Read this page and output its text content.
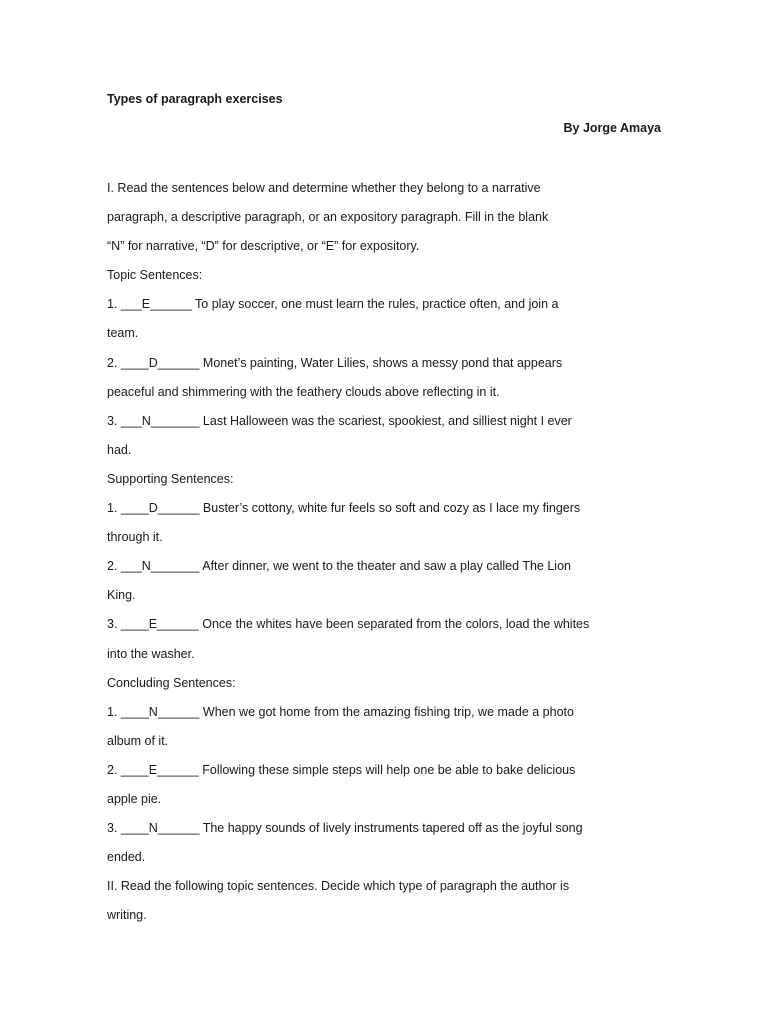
Types of paragraph exercises
By Jorge Amaya
I. Read the sentences below and determine whether they belong to a narrative
paragraph, a descriptive paragraph, or an expository paragraph. Fill in the blank
“N” for narrative, “D” for descriptive, or “E” for expository.
Topic Sentences:
1. ___E______ To play soccer, one must learn the rules, practice often, and join a
team.
2. ____D______ Monet’s painting, Water Lilies, shows a messy pond that appears
peaceful and shimmering with the feathery clouds above reflecting in it.
3. ___N_______ Last Halloween was the scariest, spookiest, and silliest night I ever
had.
Supporting Sentences:
1. ____D______ Buster’s cottony, white fur feels so soft and cozy as I lace my fingers
through it.
2. ___N_______ After dinner, we went to the theater and saw a play called The Lion
King.
3. ____E______ Once the whites have been separated from the colors, load the whites
into the washer.
Concluding Sentences:
1. ____N______ When we got home from the amazing fishing trip, we made a photo
album of it.
2. ____E______ Following these simple steps will help one be able to bake delicious
apple pie.
3. ____N______ The happy sounds of lively instruments tapered off as the joyful song
ended.
II. Read the following topic sentences. Decide which type of paragraph the author is
writing.
